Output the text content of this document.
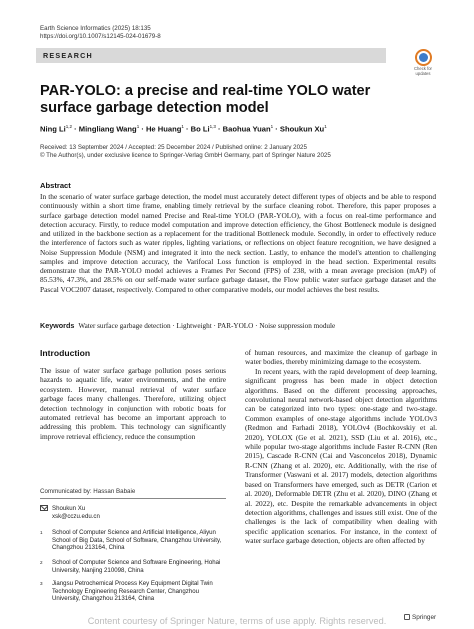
Earth Science Informatics (2025) 18:135
https://doi.org/10.1007/s12145-024-01679-8
RESEARCH
Check for
updates
PAR-YOLO: a precise and real-time YOLO water surface garbage detection model
Ning Li$^{1,2}$ · Mingliang Wang$^1$ · He Huang$^1$ · Bo Li$^{1,3}$ · Baohua Yuan$^1$ · Shoukun Xu$^1$
Received: 13 September 2024 / Accepted: 25 December 2024 / Published online: 2 January 2025
© The Author(s), under exclusive licence to Springer-Verlag GmbH Germany, part of Springer Nature 2025
Abstract

In the scenario of water surface garbage detection, the model must accurately detect different types of objects and be able to respond continuously within a short time frame, enabling timely retrieval by the surface cleaning robot. Therefore, this paper proposes a surface garbage detection model named Precise and Real-time YOLO (PAR-YOLO), with a focus on real-time performance and detection accuracy. Firstly, to reduce model computation and improve detection efficiency, the Ghost Bottleneck module is designed and utilized in the backbone section as a replacement for the traditional Bottleneck module. Secondly, in order to effectively reduce the interference of factors such as water ripples, lighting variations, or reflections on object feature recognition, we have designed a Noise Suppression Module (NSM) and integrated it into the neck section. Lastly, to enhance the model's attention to challenging samples and improve detection accuracy, the Varifocal Loss function is employed in the head section. Experimental results demonstrate that the PAR-YOLO model achieves a Frames Per Second (FPS) of 238, with a mean average precision (mAP) of 85.53%, 47.3%, and 28.5% on our self-made water surface garbage dataset, the Flow public water surface garbage dataset and the Pascal VOC2007 dataset, respectively. Compared to other comparative models, our model achieves the best results.

Keywords Water surface garbage detection · Lightweight · PAR-YOLO · Noise suppression module
Introduction

The issue of water surface garbage pollution poses serious hazards to aquatic life, water environments, and the entire ecosystem. However, manual retrieval of water surface garbage faces many challenges. Therefore, utilizing object detection technology in conjunction with robotic boats for automated retrieval has become an important approach to addressing this problem. This technology can significantly improve retrieval efficiency, reduce the consumption

of human resources, and maximize the cleanup of garbage in water bodies, thereby minimizing damage to the ecosystem.

In recent years, with the rapid development of deep learning, significant progress has been made in object detection algorithms. Based on the different processing approaches, convolutional neural network-based object detection algorithms can be categorized into two types: one-stage and two-stage. Common examples of one-stage algorithms include YOLOv3 (Redmon and Farhadi 2018), YOLOv4 (Bochkovskiy et al. 2020), YOLOX (Ge et al. 2021), SSD (Liu et al. 2016), etc., while popular two-stage algorithms include Faster R-CNN (Ren 2015), Cascade R-CNN (Cai and Vasconcelos 2018), Dynamic R-CNN (Zhang et al. 2020), etc. Additionally, with the rise of Transformer (Vaswani et al. 2017) models, detection algorithms based on Transformers have emerged, such as DETR (Carion et al. 2020), Deformable DETR (Zhu et al. 2020), DINO (Zhang et al. 2022), etc. Despite the remarkable advancements in object detection algorithms, challenges and issues still exist. One of the challenges is the lack of compatibility when dealing with specific application scenarios. For instance, in the context of water surface garbage detection, objects are often affected by

Communicated by: Hassan Babaie
Shoukun Xu
xsk@cczu.edu.cn
1	School of Computer Science and Artificial Intelligence, Aliyun School of Big Data, School of Software, Changzhou University, Changzhou 213164, China
2	School of Computer Science and Software Engineering, Hohai University, Nanjing 210098, China
3	Jiangsu Petrochemical Process Key Equipment Digital Twin Technology Engineering Research Center, Changzhou University, Changzhou 213164, China
Springer
Content courtesy of Springer Nature, terms of use apply. Rights reserved.
